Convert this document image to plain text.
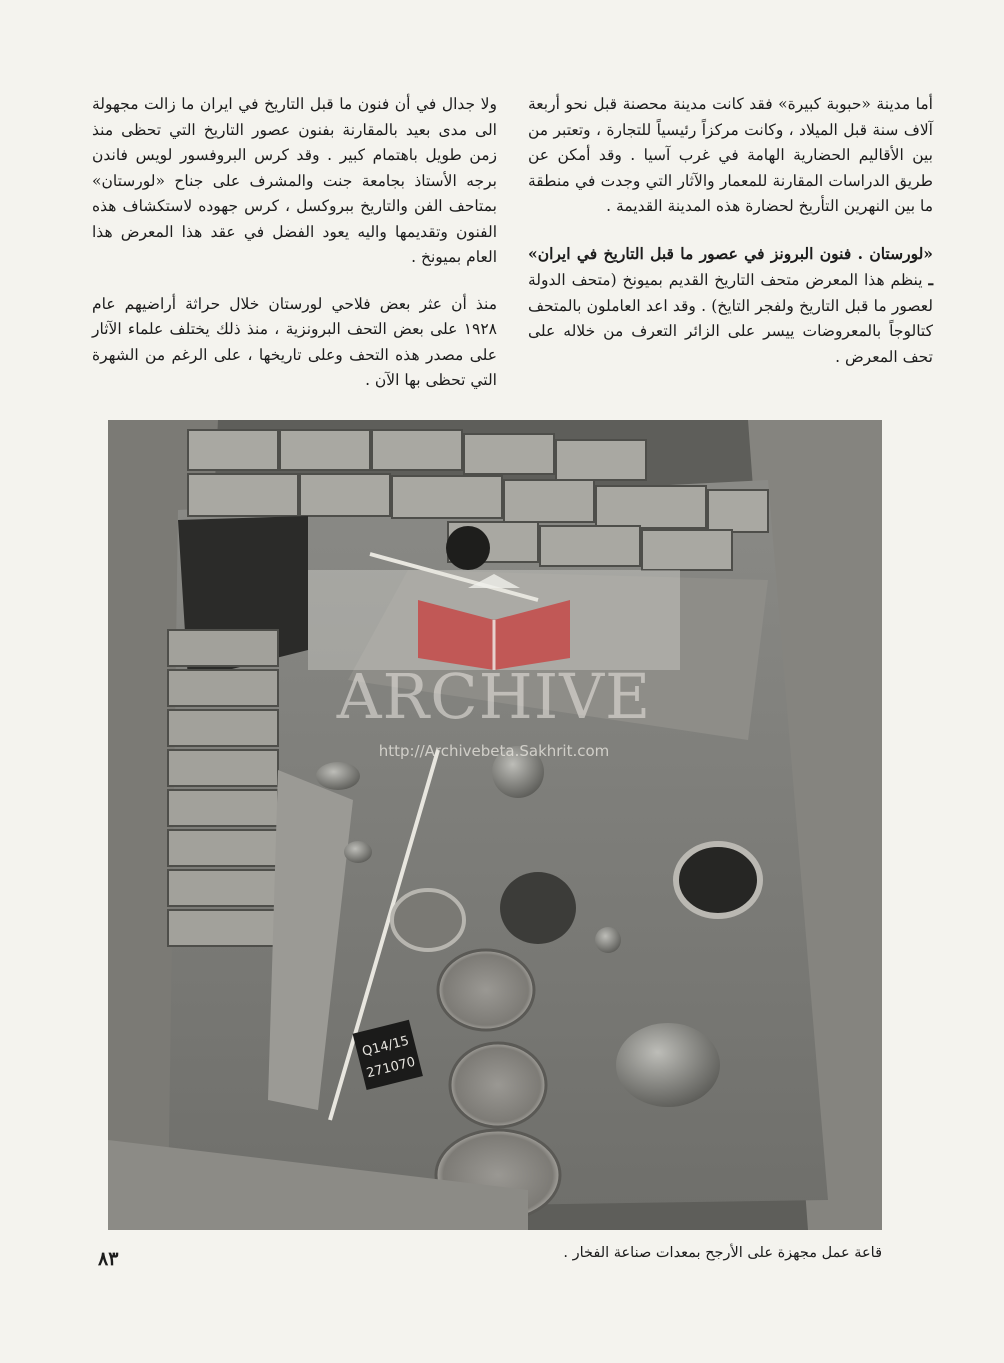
أما مدينة «حبوبة كبيرة» فقد كانت مدينة محصنة قبل نحو أربعة آلاف سنة قبل الميلاد ، وكانت مركزاً رئيسياً للتجارة ، وتعتبر من بين الأقاليم الحضارية الهامة في غرب آسيا . وقد أمكن عن طريق الدراسات المقارنة للمعمار والآثار التي وجدت في منطقة ما بين النهرين التأريخ لحضارة هذه المدينة القديمة .

«لورستان . فنون البرونز في عصور ما قبل التاريخ في ايران» ـ ينظم هذا المعرض متحف التاريخ القديم بميونخ (متحف الدولة لعصور ما قبل التاريخ ولفجر التايخ) . وقد اعد العاملون بالمتحف كتالوجاً بالمعروضات ييسر على الزائر التعرف من خلاله على تحف المعرض .

ولا جدال في أن فنون ما قبل التاريخ في ايران ما زالت مجهولة الى مدى بعيد بالمقارنة بفنون عصور التاريخ التي تحظى منذ زمن طويل باهتمام كبير . وقد كرس البروفسور لويس فاندن برجه الأستاذ بجامعة جنت والمشرف على جناح «لورستان» بمتاحف الفن والتاريخ ببروكسل ، كرس جهوده لاستكشاف هذه الفنون وتقديمها واليه يعود الفضل في عقد هذا المعرض هذا العام بميونخ .

منذ أن عثر بعض فلاحي لورستان خلال حراثة أراضيهم عام ١٩٢٨ على بعض التحف البرونزية ، منذ ذلك يختلف علماء الآثار على مصدر هذه التحف وعلى تاريخها ، على الرغم من الشهرة التي تحظى بها الآن .

Q14/15
271070
ARCHIVE
http://Archivebeta.Sakhrit.com
قاعة عمل مجهزة على الأرجح بمعدات صناعة الفخار .
٨٣
